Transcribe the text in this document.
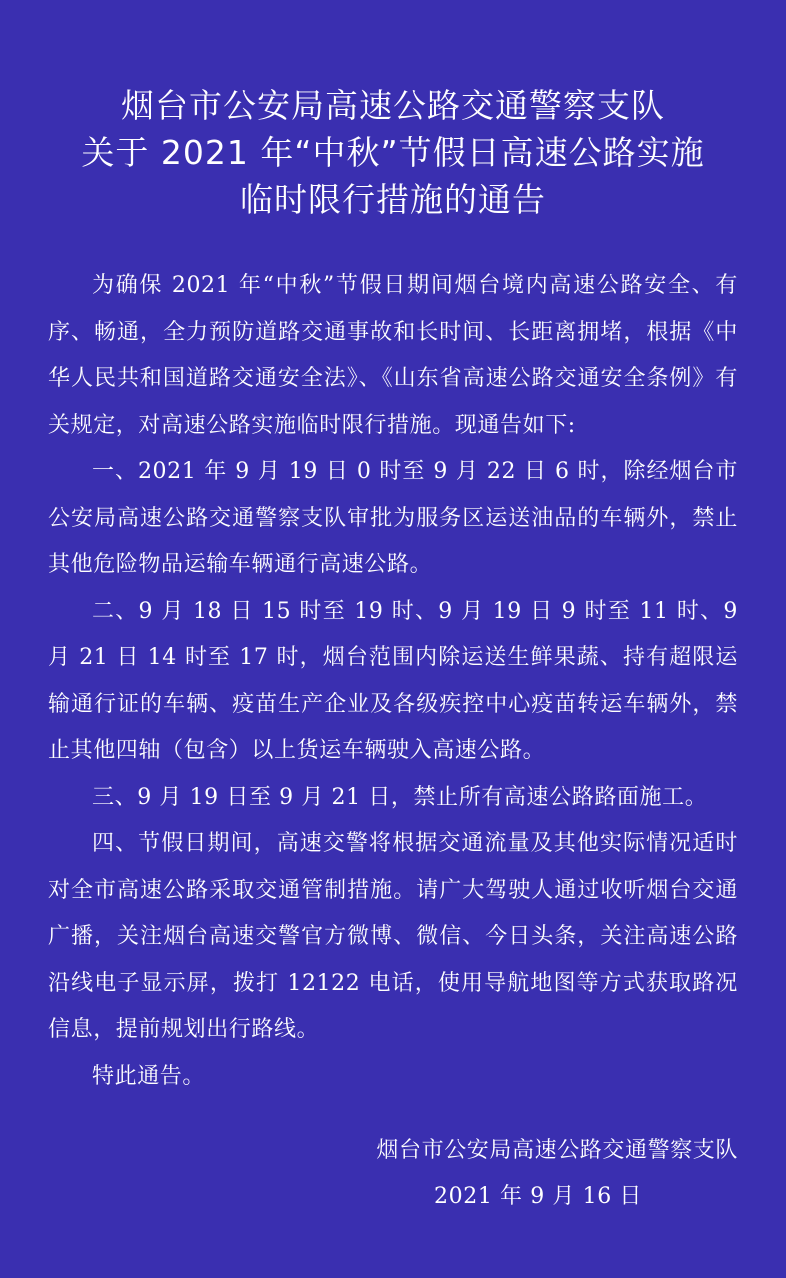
烟台市公安局高速公路交通警察支队
关于 2021 年“中秋”节假日高速公路实施
临时限行措施的通告

为确保 2021 年“中秋”节假日期间烟台境内高速公路安全、有序、畅通，全力预防道路交通事故和长时间、长距离拥堵，根据《中华人民共和国道路交通安全法》、《山东省高速公路交通安全条例》有关规定，对高速公路实施临时限行措施。现通告如下:

一、2021 年 9 月 19 日 0 时至 9 月 22 日 6 时，除经烟台市公安局高速公路交通警察支队审批为服务区运送油品的车辆外，禁止其他危险物品运输车辆通行高速公路。

二、9 月 18 日 15 时至 19 时、9 月 19 日 9 时至 11 时、9 月 21 日 14 时至 17 时，烟台范围内除运送生鲜果蔬、持有超限运输通行证的车辆、疫苗生产企业及各级疾控中心疫苗转运车辆外，禁止其他四轴（包含）以上货运车辆驶入高速公路。

三、9 月 19 日至 9 月 21 日，禁止所有高速公路路面施工。

四、节假日期间，高速交警将根据交通流量及其他实际情况适时对全市高速公路采取交通管制措施。请广大驾驶人通过收听烟台交通广播，关注烟台高速交警官方微博、微信、今日头条，关注高速公路沿线电子显示屏，拨打 12122 电话，使用导航地图等方式获取路况信息，提前规划出行路线。

特此通告。

烟台市公安局高速公路交通警察支队
2021 年 9 月 16 日
